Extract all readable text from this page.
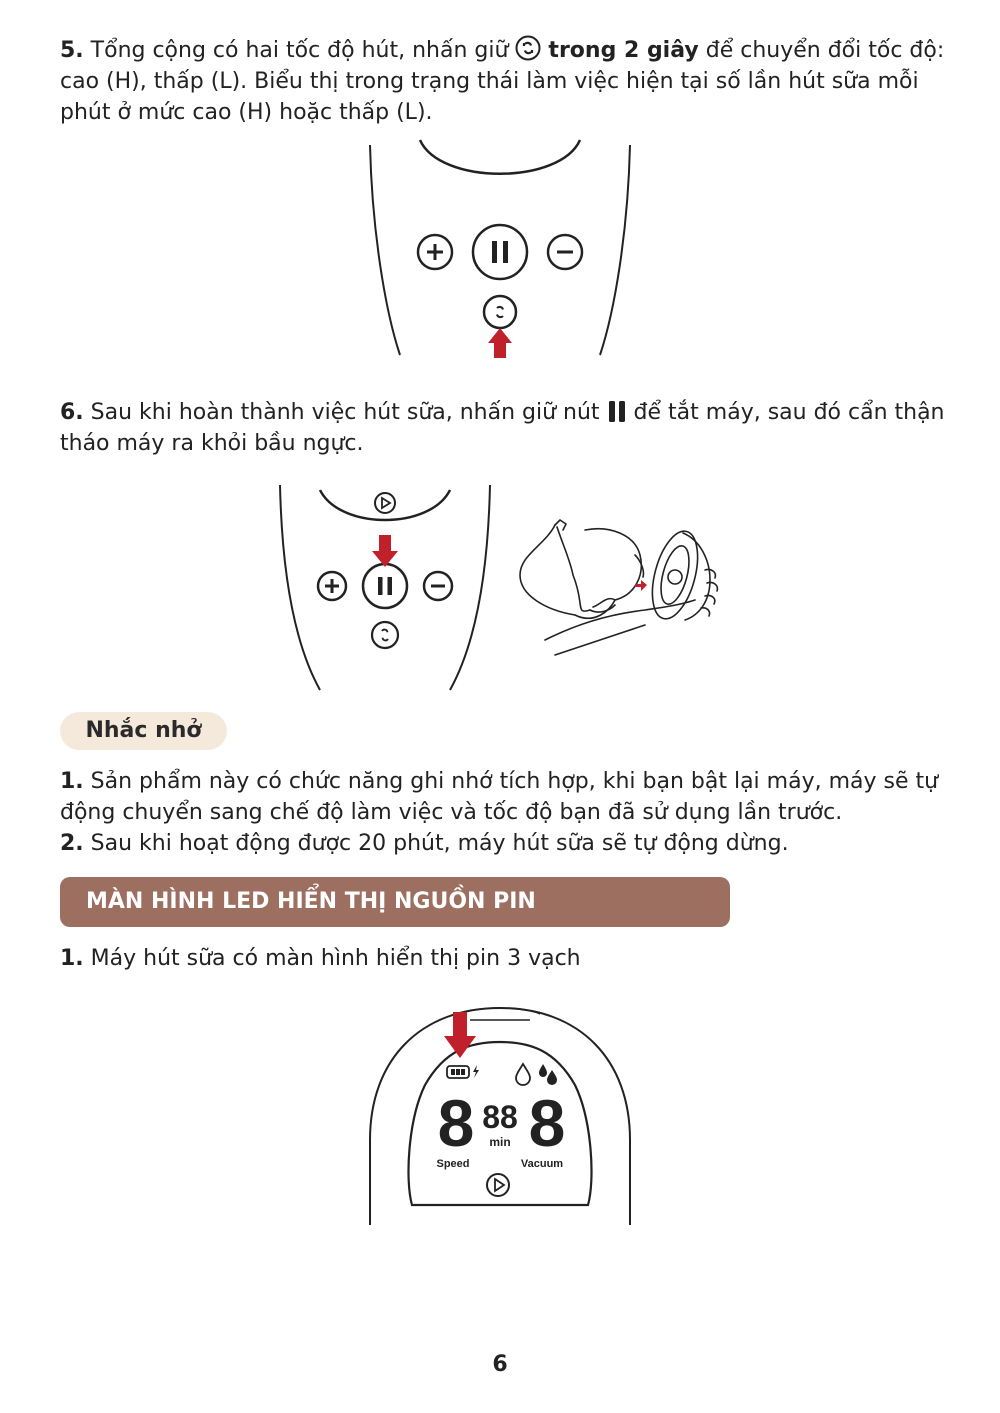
5. Tổng cộng có hai tốc độ hút, nhấn giữ  trong 2 giây để chuyển đổi tốc độ: cao (H), thấp (L). Biểu thị trong trạng thái làm việc hiện tại số lần hút sữa mỗi phút ở mức cao (H) hoặc thấp (L).

6. Sau khi hoàn thành việc hút sữa, nhấn giữ nút  để tắt máy, sau đó cẩn thận tháo máy ra khỏi bầu ngực.

Nhắc nhở

1. Sản phẩm này có chức năng ghi nhớ tích hợp, khi bạn bật lại máy, máy sẽ tự động chuyển sang chế độ làm việc và tốc độ bạn đã sử dụng lần trước.

2. Sau khi hoạt động được 20 phút, máy hút sữa sẽ tự động dừng.

MÀN HÌNH LED HIỂN THỊ NGUỒN PIN

1. Máy hút sữa có màn hình hiển thị pin 3 vạch

8 88 8
min
Speed	Vacuum
6
